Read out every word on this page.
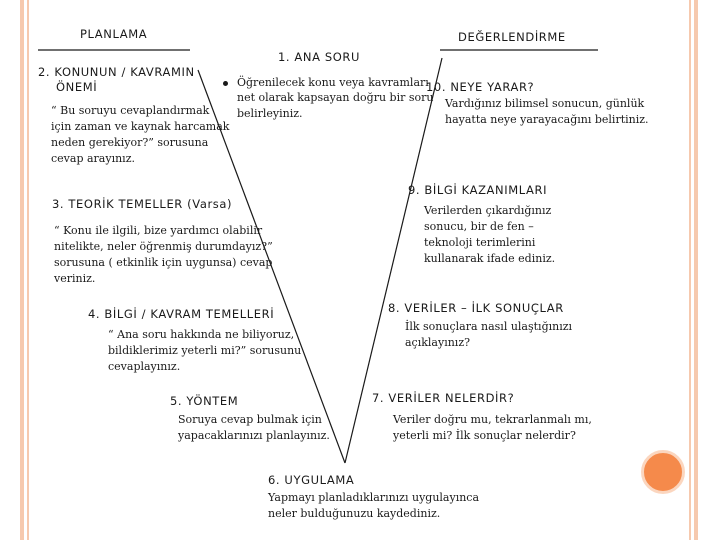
PLANLAMA	DEĞERLENDİRME
1. ANA SORU
Öğrenilecek konu veya kavramları
net olarak kapsayan doğru bir soru
belirleyiniz.
2. KONUNUN / KAVRAMIN
ÖNEMİ
“ Bu soruyu cevaplandırmak
için zaman ve kaynak harcamak
neden gerekiyor?” sorusuna
cevap arayınız.
3. TEORİK TEMELLER (Varsa)
“ Konu ile ilgili, bize yardımcı olabilir
nitelikte, neler öğrenmiş durumdayız?”
sorusuna ( etkinlik için uygunsa) cevap
veriniz.
4. BİLGİ / KAVRAM TEMELLERİ
“ Ana soru hakkında ne biliyoruz,
bildiklerimiz yeterli mi?” sorusunu
cevaplayınız.
5. YÖNTEM
Soruya cevap bulmak için
yapacaklarınızı planlayınız.
6. UYGULAMA
Yapmayı planladıklarınızı uygulayınca
neler bulduğunuzu kaydediniz.
7. VERİLER NELERDİR?
Veriler doğru mu, tekrarlanmalı mı,
yeterli mi? İlk sonuçlar nelerdir?
8. VERİLER – İLK SONUÇLAR
İlk sonuçlara nasıl ulaştığınızı
açıklayınız?
9. BİLGİ KAZANIMLARI
Verilerden çıkardığınız
sonucu, bir de fen –
teknoloji terimlerini
kullanarak ifade ediniz.
10. NEYE YARAR?
Vardığınız bilimsel sonucun, günlük
hayatta neye yarayacağını belirtiniz.
